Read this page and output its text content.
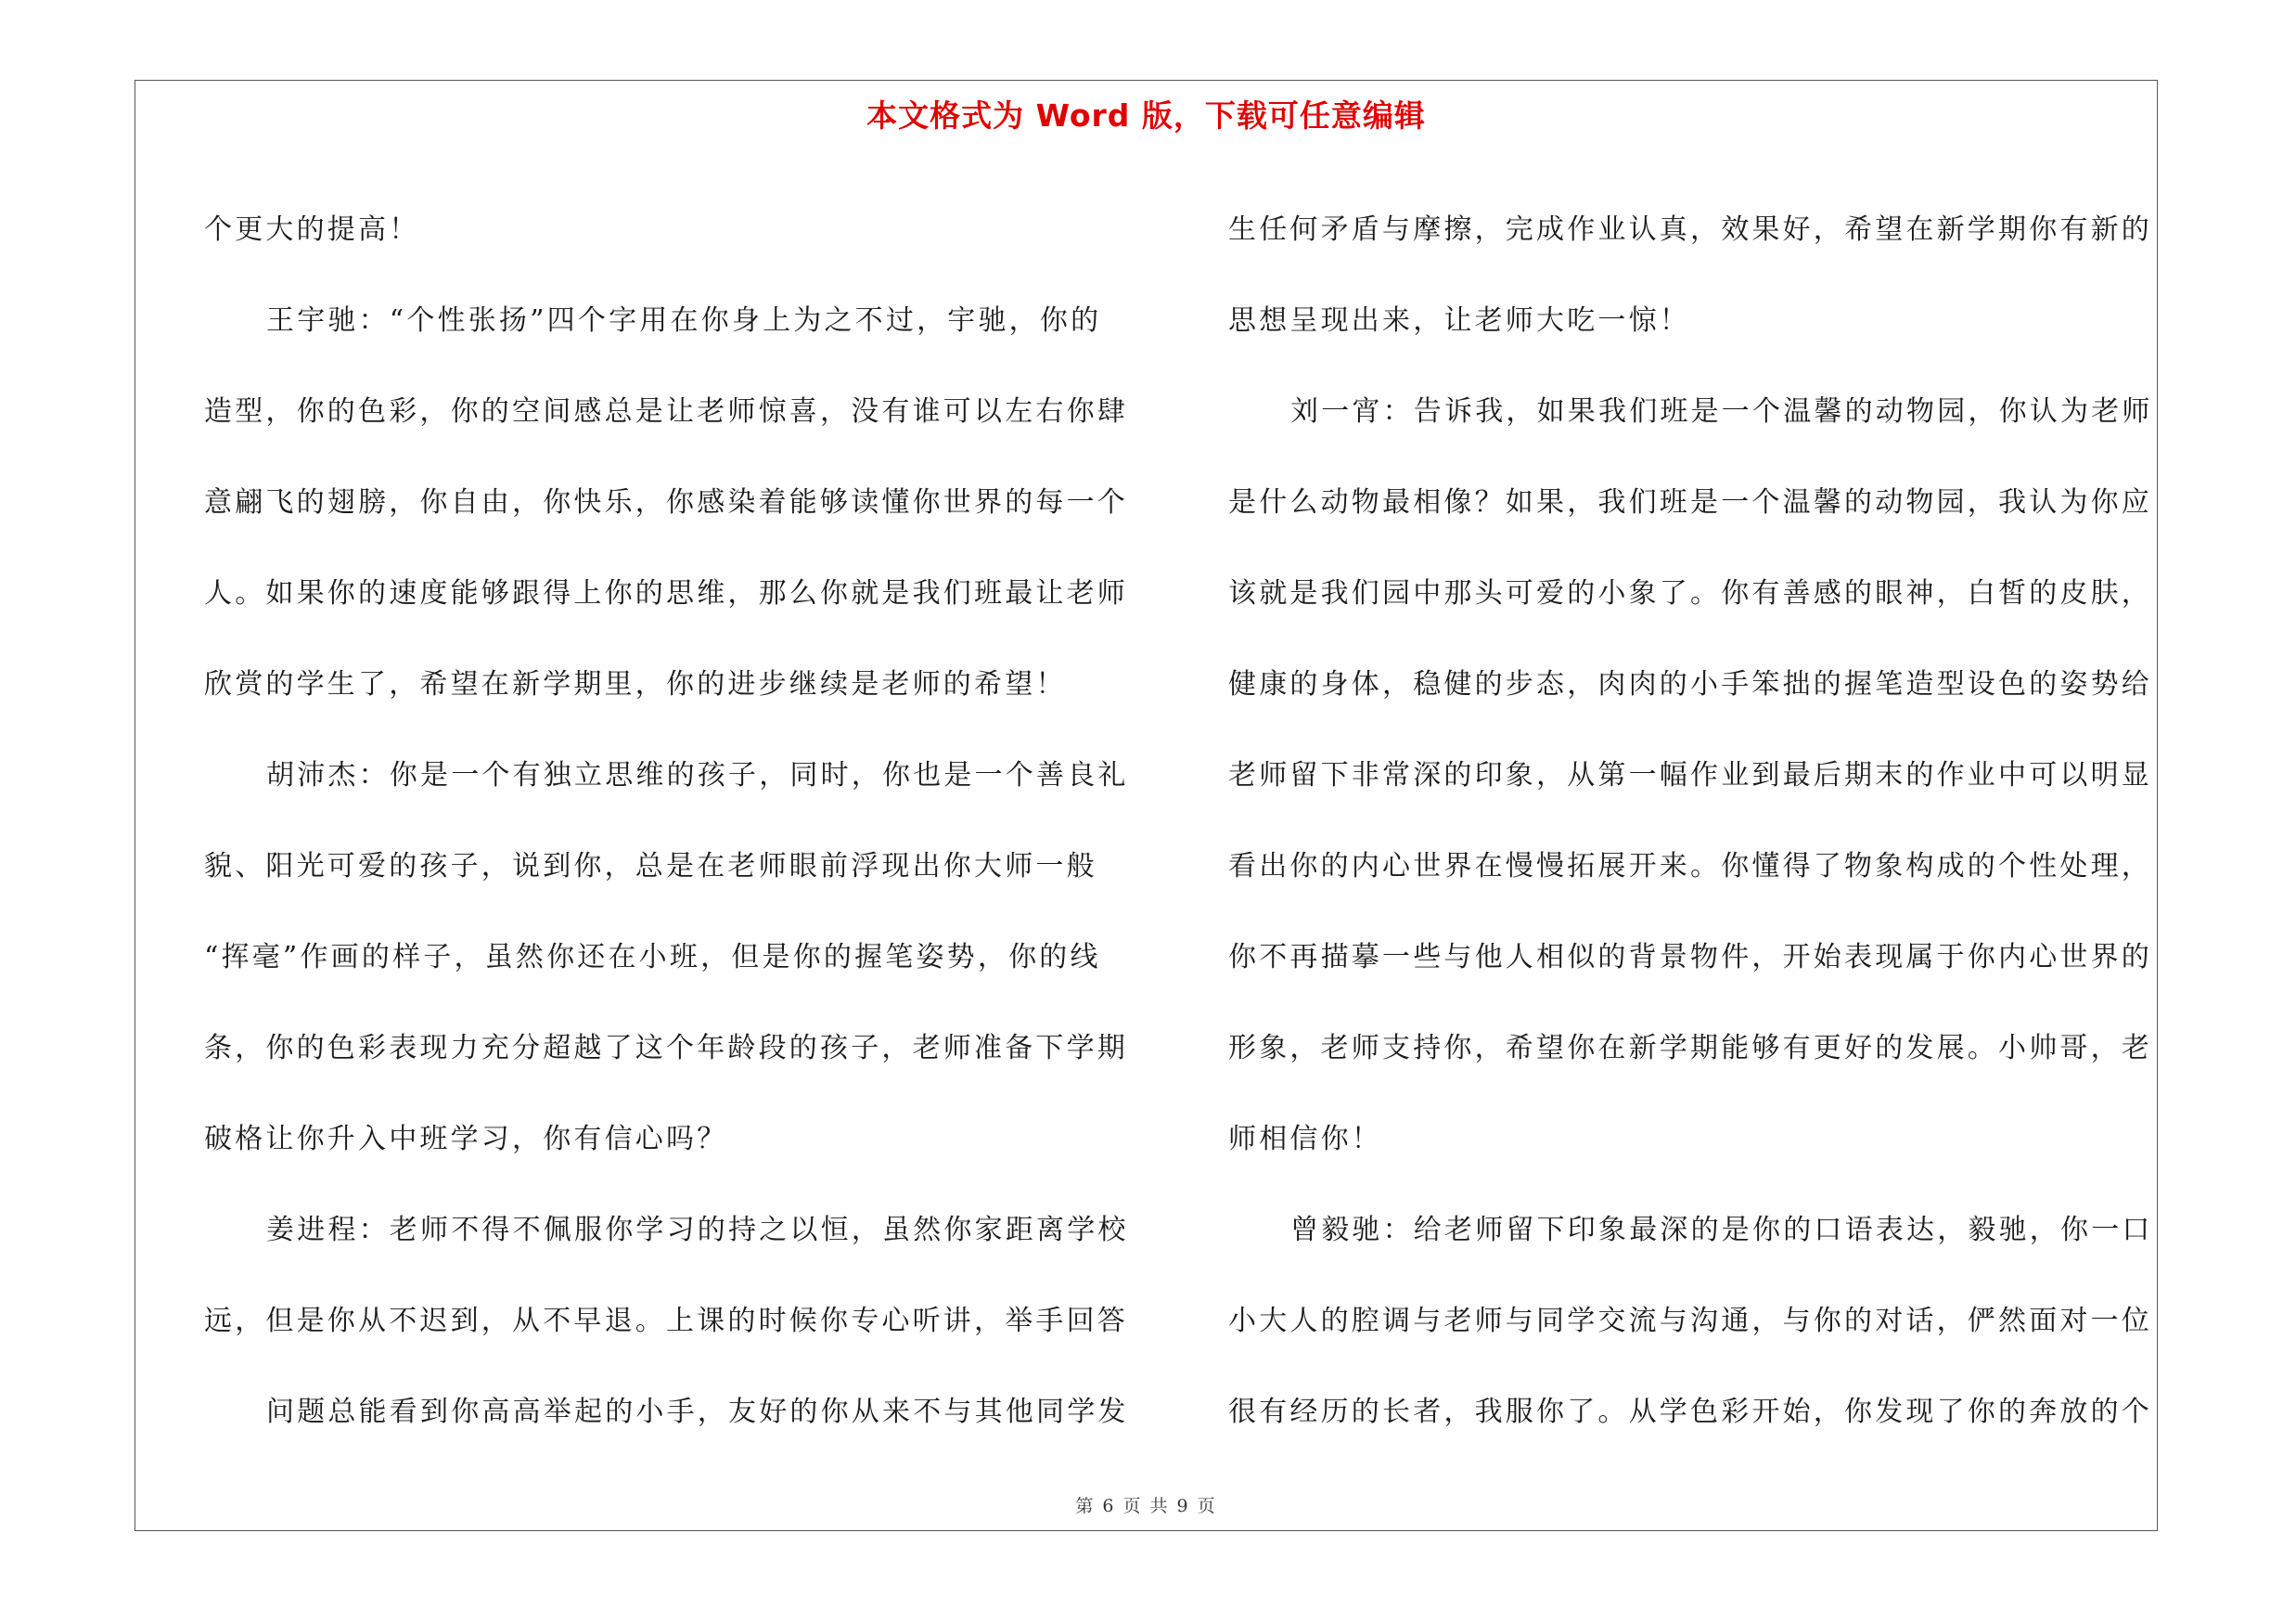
本文格式为 Word 版，下载可任意编辑
个更大的提高！
王宇驰：“个性张扬”四个字用在你身上为之不过，宇驰，你的
造型，你的色彩，你的空间感总是让老师惊喜，没有谁可以左右你肆
意翩飞的翅膀，你自由，你快乐，你感染着能够读懂你世界的每一个
人。如果你的速度能够跟得上你的思维，那么你就是我们班最让老师
欣赏的学生了，希望在新学期里，你的进步继续是老师的希望！
胡沛杰：你是一个有独立思维的孩子，同时，你也是一个善良礼
貌、阳光可爱的孩子，说到你，总是在老师眼前浮现出你大师一般
“挥毫”作画的样子，虽然你还在小班，但是你的握笔姿势，你的线
条，你的色彩表现力充分超越了这个年龄段的孩子，老师准备下学期
破格让你升入中班学习，你有信心吗？
姜进程：老师不得不佩服你学习的持之以恒，虽然你家距离学校
远，但是你从不迟到，从不早退。上课的时候你专心听讲，举手回答
问题总能看到你高高举起的小手，友好的你从来不与其他同学发
生任何矛盾与摩擦，完成作业认真，效果好，希望在新学期你有新的
思想呈现出来，让老师大吃一惊！
刘一宵：告诉我，如果我们班是一个温馨的动物园，你认为老师
是什么动物最相像？如果，我们班是一个温馨的动物园，我认为你应
该就是我们园中那头可爱的小象了。你有善感的眼神，白皙的皮肤，
健康的身体，稳健的步态，肉肉的小手笨拙的握笔造型设色的姿势给
老师留下非常深的印象，从第一幅作业到最后期末的作业中可以明显
看出你的内心世界在慢慢拓展开来。你懂得了物象构成的个性处理，
你不再描摹一些与他人相似的背景物件，开始表现属于你内心世界的
形象，老师支持你，希望你在新学期能够有更好的发展。小帅哥，老
师相信你！
曾毅驰：给老师留下印象最深的是你的口语表达，毅驰，你一口
小大人的腔调与老师与同学交流与沟通，与你的对话，俨然面对一位
很有经历的长者，我服你了。从学色彩开始，你发现了你的奔放的个
第 6 页 共 9 页
